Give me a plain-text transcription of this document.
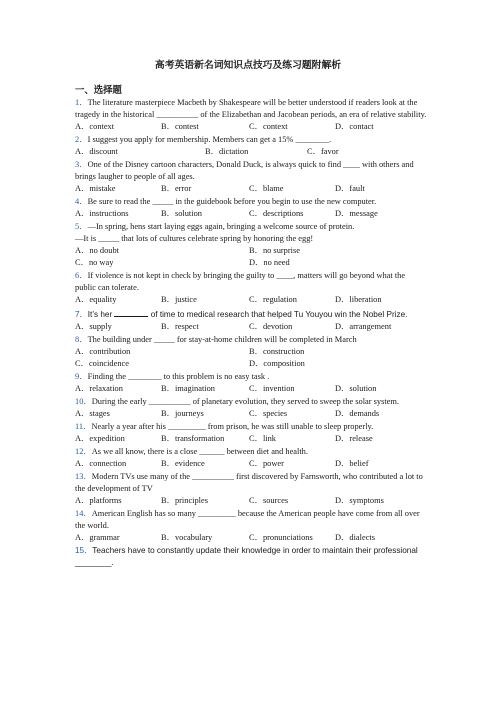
高考英语新名词知识点技巧及练习题附解析
一、选择题

1．The literature masterpiece Macbeth by Shakespeare will be better understood if readers look at the tragedy in the historical __________ of the Elizabethan and Jacobean periods, an era of relative stability.

A．context	B．contest	C．context	D．contact

2．I suggest you apply for membership. Members can get a 15% ________.

A．discount	B．dictation	C．favor

3．One of the Disney cartoon characters, Donald Duck, is always quick to find ____ with others and brings laugher to people of all ages.

A．mistake	B．error	C．blame	D．fault

4．Be sure to read the _____ in the guidebook before you begin to use the new computer.

A．instructions	B．solution	C．descriptions	D．message

5．—In spring, hens start laying eggs again, bringing a welcome source of protein.

—It is _____ that lots of cultures celebrate spring by honoring the egg!

A．no doubt	B．no surprise
C．no way	D．no need

6．If violence is not kept in check by bringing the guilty to ____, matters will go beyond what the public can tolerate.

A．equality	B．justice	C．regulation	D．liberation

7．It’s her	of time to medical research that helped Tu Youyou win the Nobel Prize.

A．supply	B．respect	C．devotion	D．arrangement

8．The building under _____ for stay-at-home children will be completed in March

A．contribution	B．construction
C．coincidence	D．composition

9．Finding the ________ to this problem is no easy task .

A．relaxation	B．imagination	C．invention	D．solution

10．During the early __________ of planetary evolution, they served to sweep the solar system.

A．stages	B．journeys	C．species	D．demands

11．Nearly a year after his _________ from prison, he was still unable to sleep properly.

A．expedition	B．transformation	C．link	D．release

12．As we all know, there is a close ______ between diet and health.

A．connection	B．evidence	C．power	D．belief

13．Modern TVs use many of the __________ first discovered by Farnsworth, who contributed a lot to the development of TV

A．platforms	B．principles	C．sources	D．symptoms

14．American English has so many _________ because the American people have come from all over the world.

A．grammar	B．vocabulary	C．pronunciations	D．dialects

15．Teachers have to constantly update their knowledge in order to maintain their professional

________.
